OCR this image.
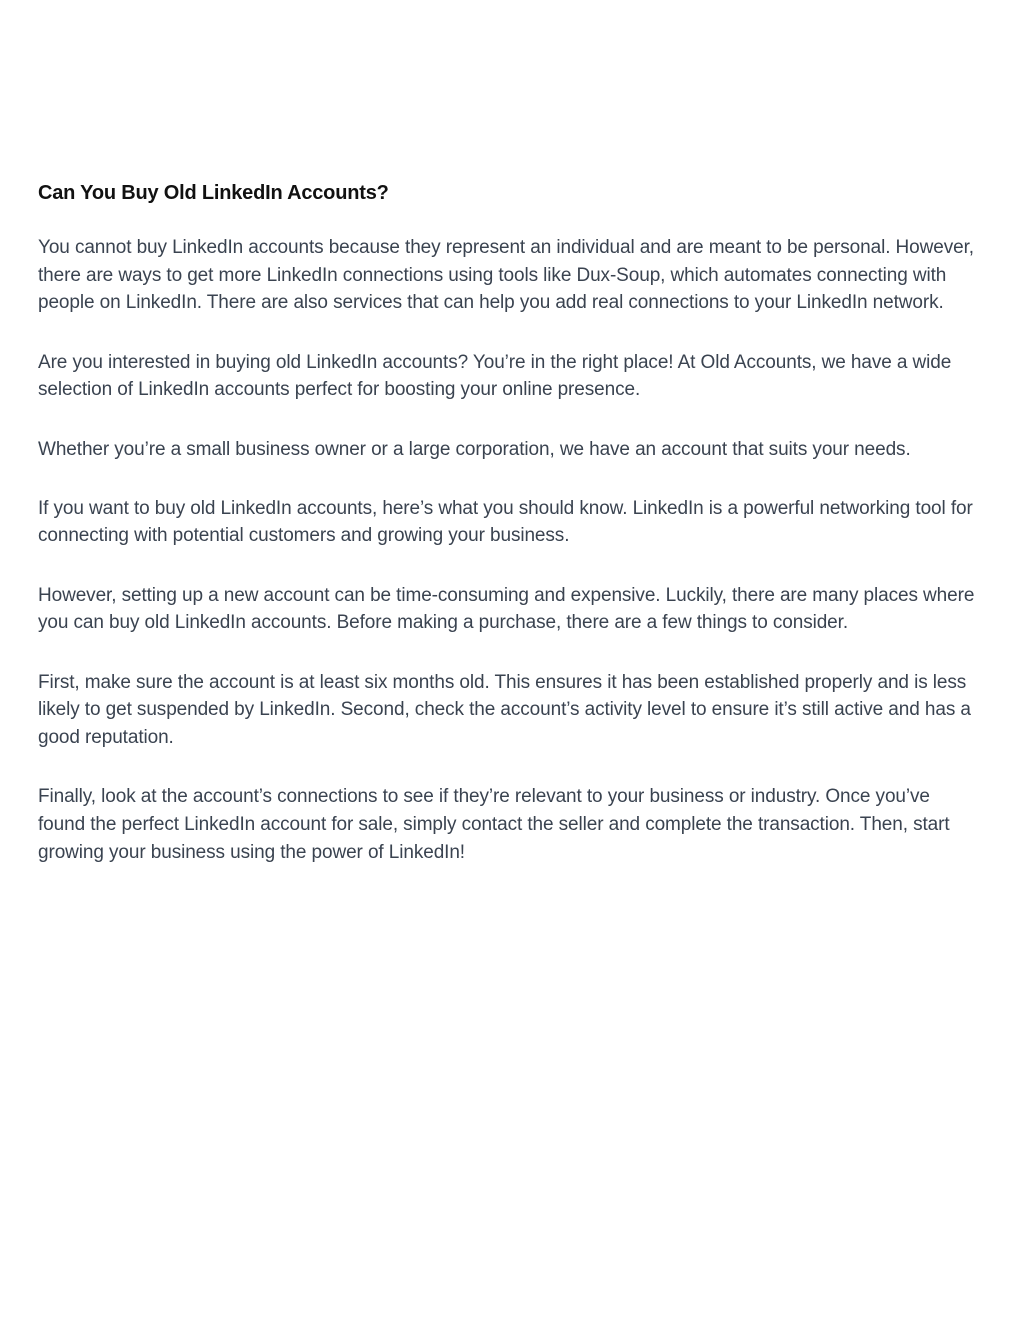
Can You Buy Old LinkedIn Accounts?

You cannot buy LinkedIn accounts because they represent an individual and are meant to be personal. However, there are ways to get more LinkedIn connections using tools like Dux-Soup, which automates connecting with people on LinkedIn. There are also services that can help you add real connections to your LinkedIn network.

Are you interested in buying old LinkedIn accounts? You’re in the right place! At Old Accounts, we have a wide selection of LinkedIn accounts perfect for boosting your online presence.

Whether you’re a small business owner or a large corporation, we have an account that suits your needs.

If you want to buy old LinkedIn accounts, here’s what you should know. LinkedIn is a powerful networking tool for connecting with potential customers and growing your business.

However, setting up a new account can be time-consuming and expensive. Luckily, there are many places where you can buy old LinkedIn accounts. Before making a purchase, there are a few things to consider.

First, make sure the account is at least six months old. This ensures it has been established properly and is less likely to get suspended by LinkedIn. Second, check the account’s activity level to ensure it’s still active and has a good reputation.

Finally, look at the account’s connections to see if they’re relevant to your business or industry. Once you’ve found the perfect LinkedIn account for sale, simply contact the seller and complete the transaction. Then, start growing your business using the power of LinkedIn!
